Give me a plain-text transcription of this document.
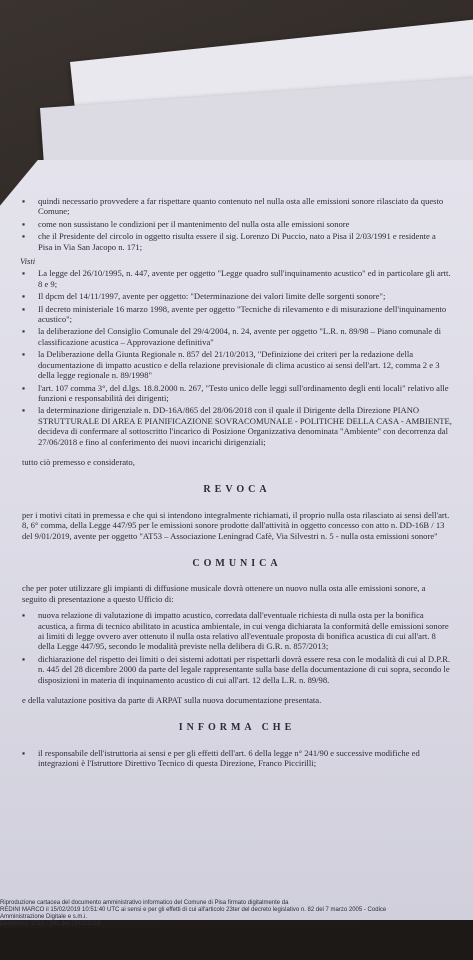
▪	quindi necessario provvedere a far rispettare quanto contenuto nel nulla osta alle emissioni sonore rilasciato da questo Comune;
▪	come non sussistano le condizioni per il mantenimento del nulla osta alle emissioni sonore
▪	che il Presidente del circolo in oggetto risulta essere il sig. Lorenzo Di Puccio, nato a Pisa il 2/03/1991 e residente a Pisa in Via San Jacopo n. 171;
Visti
▪	La legge del 26/10/1995, n. 447, avente per oggetto "Legge quadro sull'inquinamento acustico" ed in particolare gli artt. 8 e 9;
▪	Il dpcm del 14/11/1997, avente per oggetto: "Determinazione dei valori limite delle sorgenti sonore";
▪	Il decreto ministeriale 16 marzo 1998, avente per oggetto "Tecniche di rilevamento e di misurazione dell'inquinamento acustico";
▪	la deliberazione del Consiglio Comunale del 29/4/2004, n. 24, avente per oggetto "L.R. n. 89/98 – Piano comunale di classificazione acustica – Approvazione definitiva"
▪	la Deliberazione della Giunta Regionale n. 857 del 21/10/2013, "Definizione dei criteri per la redazione della documentazione di impatto acustico e della relazione previsionale di clima acustico ai sensi dell'art. 12, comma 2 e 3 della legge regionale n. 89/1998"
▪	l'art. 107 comma 3°, del d.lgs. 18.8.2000 n. 267, "Testo unico delle leggi sull'ordinamento degli enti locali" relativo alle funzioni e responsabilità dei dirigenti;
▪	la determinazione dirigenziale n. DD-16A/865 del 28/06/2018 con il quale il Dirigente della Direzione PIANO STRUTTURALE DI AREA E PIANIFICAZIONE SOVRACOMUNALE - POLITICHE DELLA CASA - AMBIENTE, decideva di confermare al sottoscritto l'incarico di Posizione Organizzativa denominata "Ambiente" con decorrenza dal 27/06/2018 e fino al conferimento dei nuovi incarichi dirigenziali;
tutto ciò premesso e considerato,
REVOCA
per i motivi citati in premessa e che qui si intendono integralmente richiamati, il proprio nulla osta rilasciato ai sensi dell'art. 8, 6° comma, della Legge 447/95 per le emissioni sonore prodotte dall'attività in oggetto concesso con atto n. DD-16B / 13 del 9/01/2019, avente per oggetto "AT53 – Associazione Leningrad Cafè, Via Silvestri n. 5 - nulla osta emissioni sonore"
COMUNICA
che per poter utilizzare gli impianti di diffusione musicale dovrà ottenere un nuovo nulla osta alle emissioni sonore, a seguito di presentazione a questo Ufficio di:
▪	nuova relazione di valutazione di impatto acustico, corredata dall'eventuale richiesta di nulla osta per la bonifica acustica, a firma di tecnico abilitato in acustica ambientale, in cui venga dichiarata la conformità delle emissioni sonore ai limiti di legge ovvero aver ottenuto il nulla osta relativo all'eventuale proposta di bonifica acustica di cui all'art. 8 della Legge 447/95, secondo le modalità previste nella delibera di G.R. n. 857/2013;
▪	dichiarazione del rispetto dei limiti o dei sistemi adottati per rispettarli dovrà essere resa con le modalità di cui al D.P.R. n. 445 del 28 dicembre 2000 da parte del legale rappresentante sulla base della documentazione di cui sopra, secondo le disposizioni in materia di inquinamento acustico di cui all'art. 12 della L.R. n. 89/98.
e della valutazione positiva da parte di ARPAT sulla nuova documentazione presentata.
INFORMA CHE
▪	il responsabile dell'istruttoria ai sensi e per gli effetti dell'art. 6 della legge n° 241/90 e successive modifiche ed integrazioni è l'Istruttore Direttivo Tecnico di questa Direzione, Franco Piccirilli;
Riproduzione cartacea del documento amministrativo informatico del Comune di Pisa firmato digitalmente da
REDINI MARCO il 15/02/2019 10:51:40 UTC ai sensi e per gli effetti di cui all'articolo 23ter del decreto legislativo n. 82 del 7 marzo 2005 - Codice
Amministrazione Digitale e s.m.i.
Determina: 2019 / 261 del 15/02/2019
